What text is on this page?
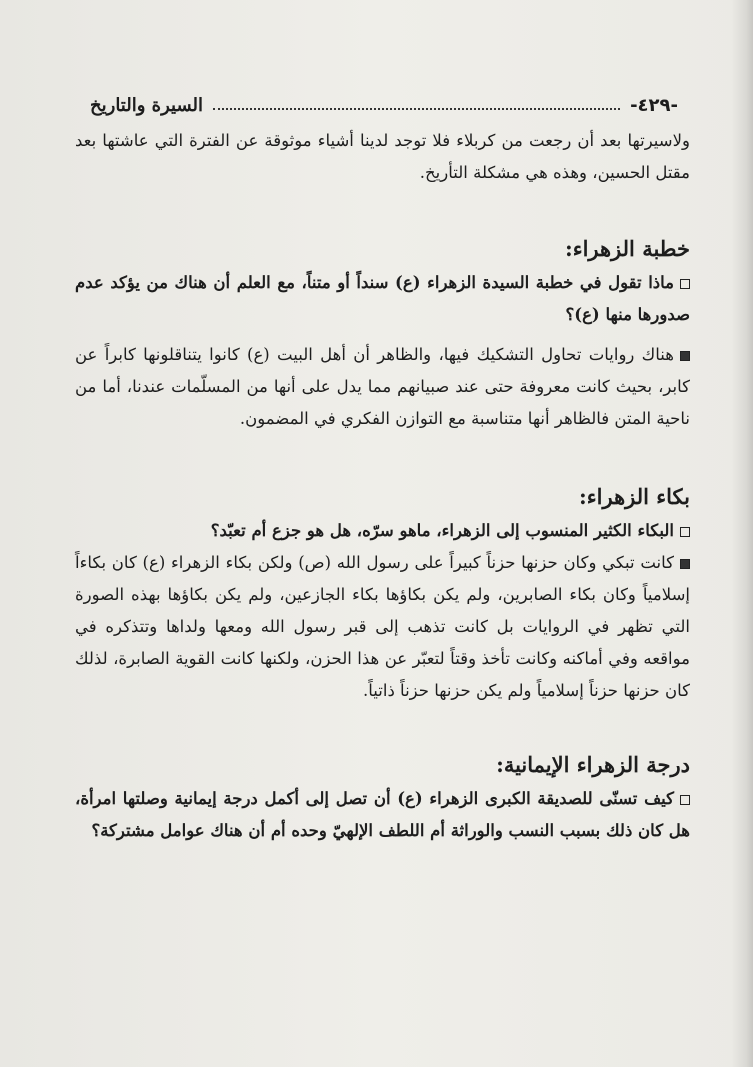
-٤٢٩-
السيرة والتاريخ

ولاسيرتها بعد أن رجعت من كربلاء فلا توجد لدينا أشياء موثوقة عن الفترة التي عاشتها بعد مقتل الحسين، وهذه هي مشكلة التأريخ.

خطبة الزهراء:

ماذا تقول في خطبة السيدة الزهراء (ع) سنداً أو متناً، مع العلم أن هناك من يؤكد عدم صدورها منها (ع)؟

هناك روايات تحاول التشكيك فيها، والظاهر أن أهل البيت (ع) كانوا يتناقلونها كابراً عن كابر، بحيث كانت معروفة حتى عند صبيانهم مما يدل على أنها من المسلّمات عندنا، أما من ناحية المتن فالظاهر أنها متناسبة مع التوازن الفكري في المضمون.

بكاء الزهراء:

البكاء الكثير المنسوب إلى الزهراء، ماهو سرّه، هل هو جزع أم تعبّد؟

كانت تبكي وكان حزنها حزناً كبيراً على رسول الله (ص) ولكن بكاء الزهراء (ع) كان بكاءاً إسلامياً وكان بكاء الصابرين، ولم يكن بكاؤها بكاء الجازعين، ولم يكن بكاؤها بهذه الصورة التي تظهر في الروايات بل كانت تذهب إلى قبر رسول الله ومعها ولداها وتتذكره في مواقعه وفي أماكنه وكانت تأخذ وقتاً لتعبّر عن هذا الحزن، ولكنها كانت القوية الصابرة، لذلك كان حزنها حزناً إسلامياً ولم يكن حزنها حزناً ذاتياً.

درجة الزهراء الإيمانية:

كيف تسنّى للصديقة الكبرى الزهراء (ع) أن تصل إلى أكمل درجة إيمانية وصلتها امرأة، هل كان ذلك بسبب النسب والوراثة أم اللطف الإلهيّ وحده أم أن هناك عوامل مشتركة؟
